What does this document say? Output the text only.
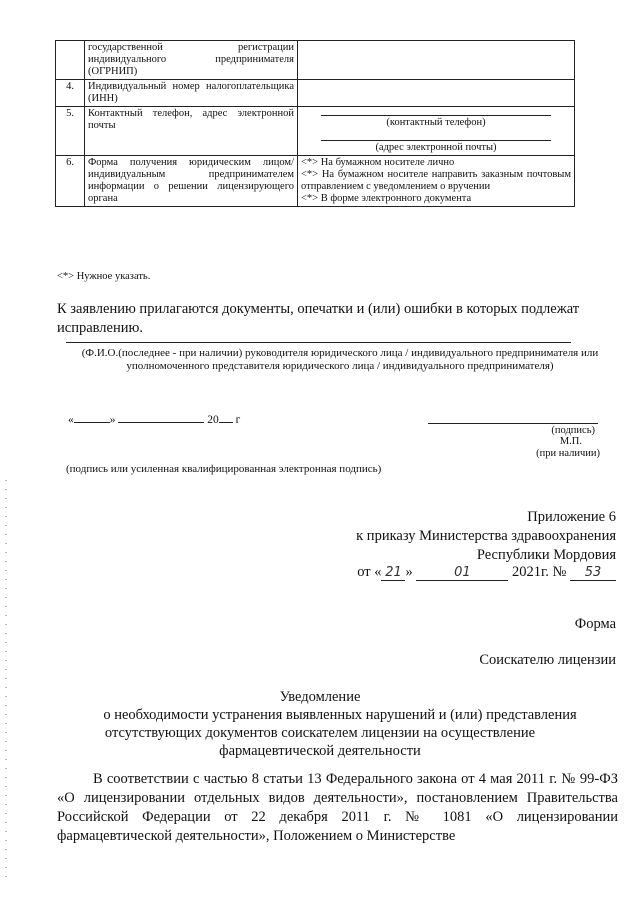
	государственной регистрации индивидуального предпринимателя (ОГРНИП)	
4.	Индивидуальный номер налогоплательщика (ИНН)	
5.	Контактный телефон, адрес электронной почты	(контактный телефон)
(адрес электронной почты)

6.	Форма получения юридическим лицом/индивидуальным предпринимателем информации о решении лицензирующего органа	<*> На бумажном носителе лично
<*> На бумажном носителе направить заказным почтовым отправлением с уведомлением о вручении
<*> В форме электронного документа
<*> Нужное указать.
К заявлению прилагаются документы, опечатки и (или) ошибки в которых подлежат исправлению.
(Ф.И.О.(последнее - при наличии) руководителя юридического лица / индивидуального предпринимателя или уполномоченного представителя юридического лица / индивидуального предпринимателя)
«	»	20 г
(подпись)
М.П.
(при наличии)
(подпись или усиленная квалифицированная электронная подпись)
Приложение 6
к приказу Министерства здравоохранения
Республики Мордовия
от « 21 »	01	2021г. № 53
Форма
Соискателю лицензии
Уведомление
о необходимости устранения выявленных нарушений и (или) представления
отсутствующих документов соискателем лицензии на осуществление
фармацевтической деятельности
В соответствии с частью 8 статьи 13 Федерального закона от 4 мая 2011 г. № 99-ФЗ «О лицензировании отдельных видов деятельности», постановлением Правительства Российской Федерации от 22 декабря 2011 г. № 1081 «О лицензировании фармацевтической деятельности», Положением о Министерстве
